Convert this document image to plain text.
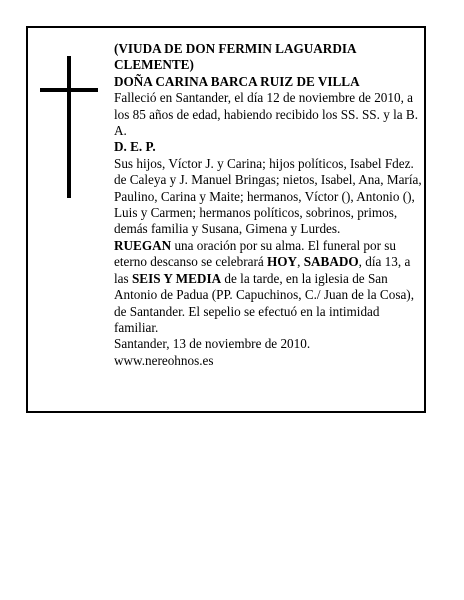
(VIUDA DE DON FERMIN LAGUARDIA CLEMENTE)

DOÑA CARINA BARCA RUIZ DE VILLA

Falleció en Santander, el día 12 de noviembre de 2010, a los 85 años de edad, habiendo recibido los SS. SS. y la B. A.

D. E. P.

Sus hijos, Víctor J. y Carina; hijos políticos, Isabel Fdez. de Caleya y J. Manuel Bringas; nietos, Isabel, Ana, María, Paulino, Carina y Maite; hermanos, Víctor (), Antonio (), Luis y Carmen; hermanos políticos, sobrinos, primos, demás familia y Susana, Gimena y Lurdes.

RUEGAN una oración por su alma. El funeral por su eterno descanso se celebrará HOY, SABADO, día 13, a las SEIS Y MEDIA de la tarde, en la iglesia de San Antonio de Padua (PP. Capuchinos, C./ Juan de la Cosa), de Santander. El sepelio se efectuó en la intimidad familiar.

Santander, 13 de noviembre de 2010.

www.nereohnos.es
